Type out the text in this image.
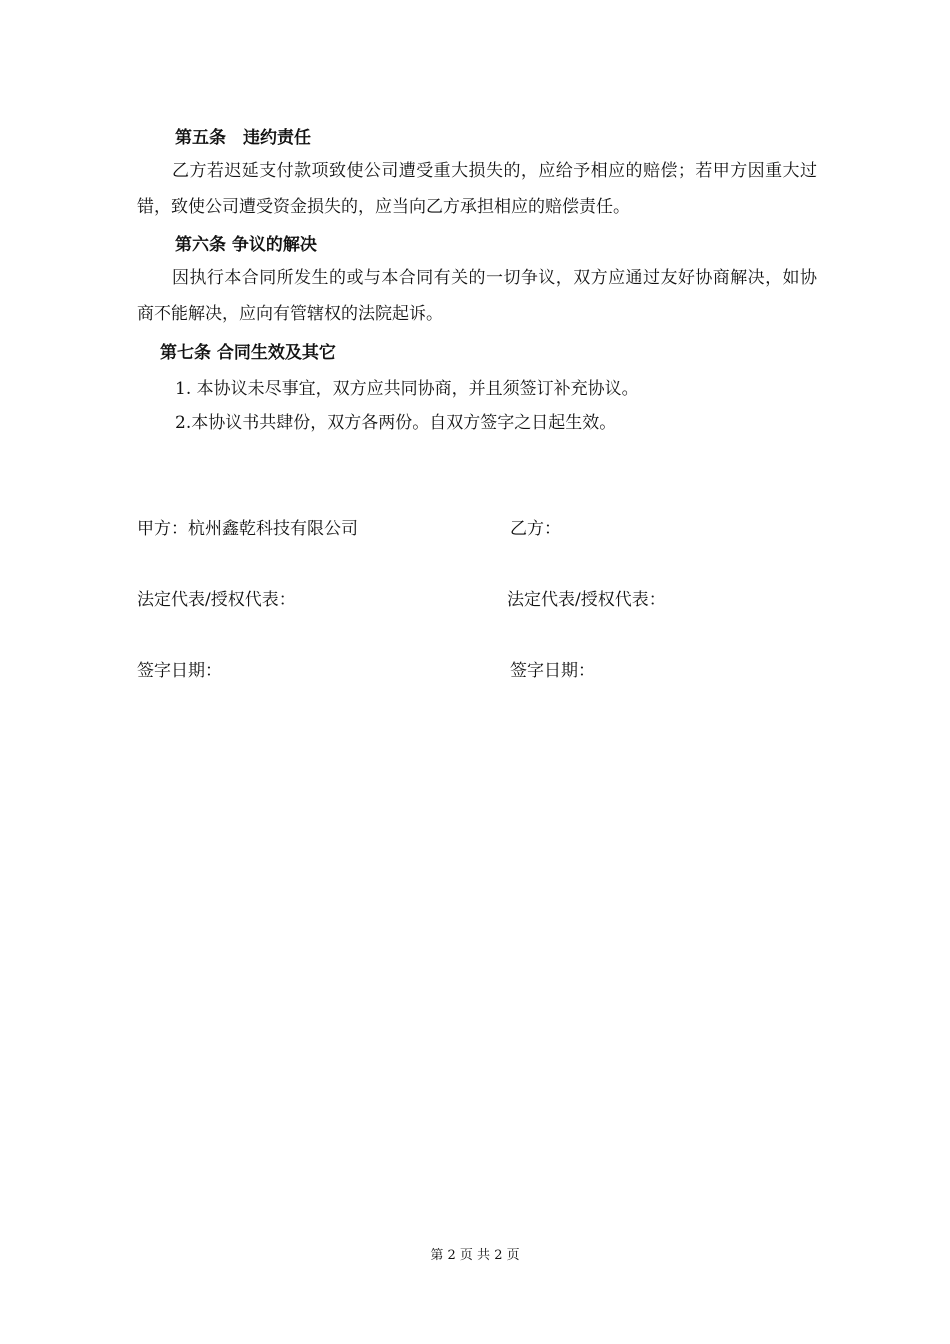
第五条　违约责任
乙方若迟延支付款项致使公司遭受重大损失的，应给予相应的赔偿；若甲方因重大过错，致使公司遭受资金损失的，应当向乙方承担相应的赔偿责任。
第六条 争议的解决
因执行本合同所发生的或与本合同有关的一切争议，双方应通过友好协商解决，如协商不能解决，应向有管辖权的法院起诉。
第七条 合同生效及其它
1. 本协议未尽事宜，双方应共同协商，并且须签订补充协议。
2.本协议书共肆份，双方各两份。自双方签字之日起生效。
甲方：杭州鑫乾科技有限公司	乙方：
法定代表/授权代表：	法定代表/授权代表：
签字日期：	签字日期：
第 2 页 共 2 页
